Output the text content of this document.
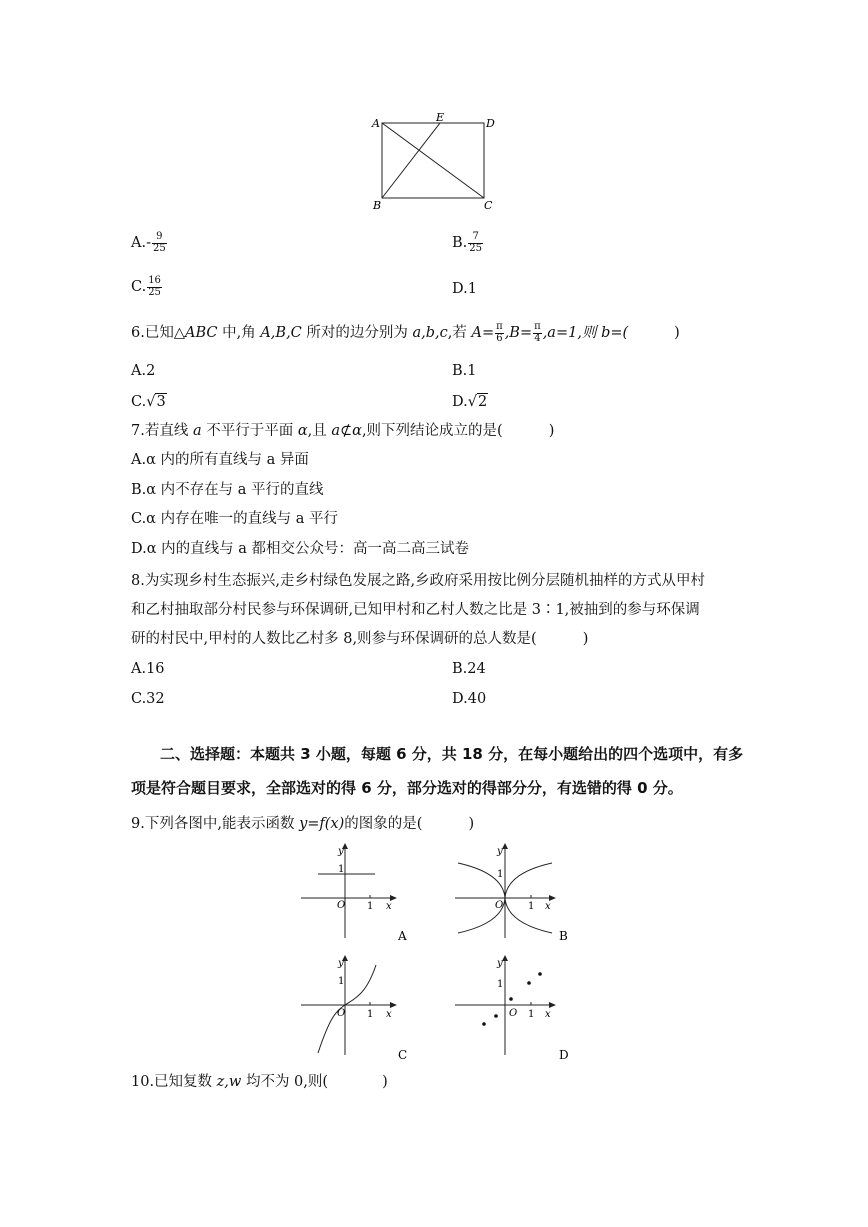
A	E	D
B	C
$A.- \frac{9}{25}$	B. $\frac{7}{25}$
C. $\frac{16}{25}$	D.1
6.已知△ABC 中,角 A,B,C 所对的边分别为 a,b,c,若 $A= \frac{\pi}{6} ,B= \frac{\pi}{4} ,a=1$,则 b=(	)
A.2	B.1
C.√3	D.√2
7.若直线 a 不平行于平面 α,且 a⊄α,则下列结论成立的是(	)
A.α 内的所有直线与 a 异面
B.α 内不存在与 a 平行的直线
C.α 内存在唯一的直线与 a 平行
D.α 内的直线与 a 都相交公众号：高一高二高三试卷
8.为实现乡村生态振兴,走乡村绿色发展之路,乡政府采用按比例分层随机抽样的方式从甲村
和乙村抽取部分村民参与环保调研,已知甲村和乙村人数之比是 3∶1,被抽到的参与环保调
研的村民中,甲村的人数比乙村多 8,则参与环保调研的总人数是(	)
A.16	B.24
C.32	D.40
二、选择题：本题共 3 小题，每题 6 分，共 18 分，在每小题给出的四个选项中，有多
项是符合题目要求，全部选对的得 6 分，部分选对的得部分分，有选错的得 0 分。
9.下列各图中,能表示函数 y=f(x)的图象的是(	)
y
x
O
1
1
A
y
x
O
1
1
B
y
x
O
1
1
C
y
x
O
1
1
D
10.已知复数 z,w 均不为 0,则(	)
